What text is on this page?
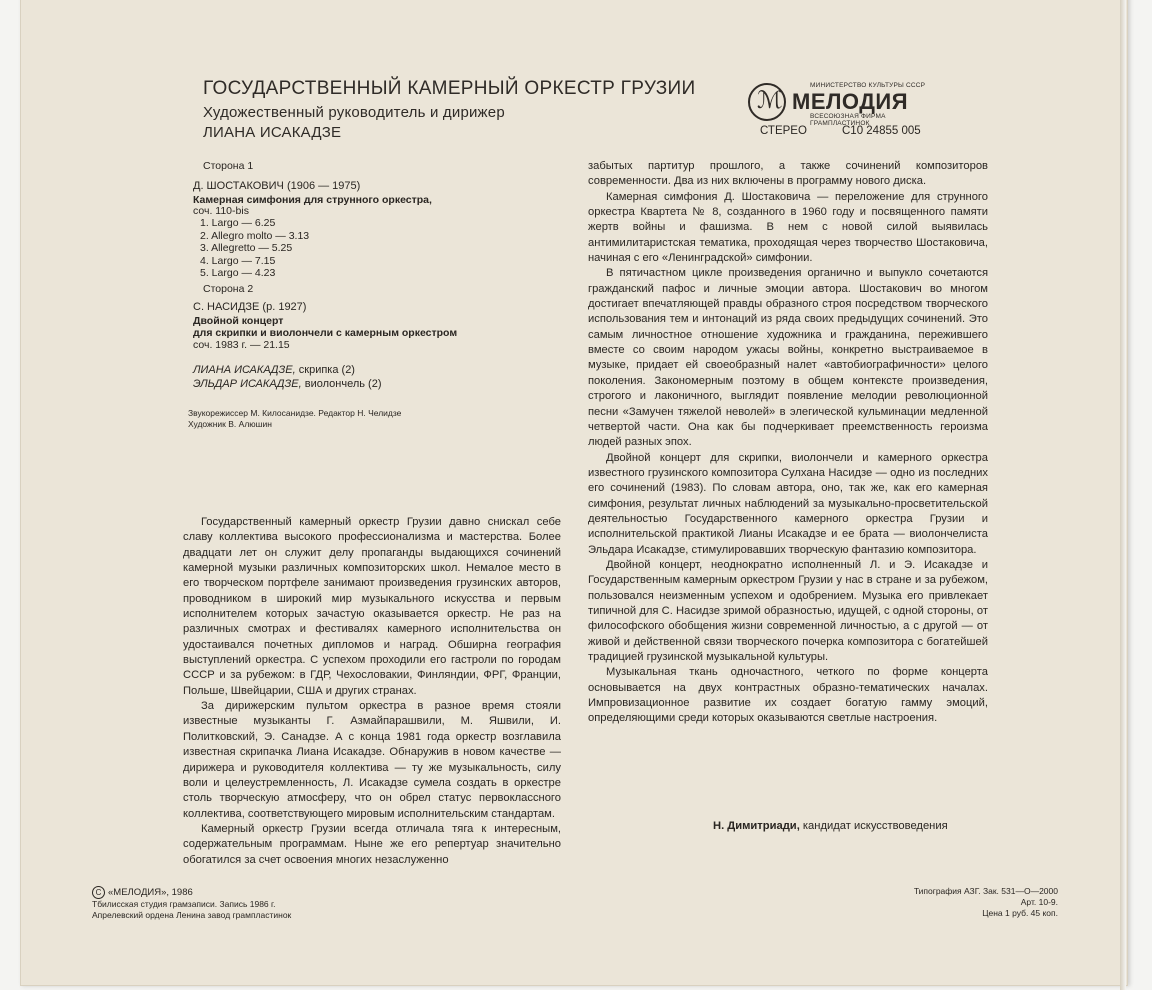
ГОСУДАРСТВЕННЫЙ КАМЕРНЫЙ ОРКЕСТР ГРУЗИИ
Художественный руководитель и дирижер
ЛИАНА ИСАКАДЗЕ
ℳ
МИНИСТЕРСТВО КУЛЬТУРЫ СССР
МЕЛОДИЯ
ВСЕСОЮЗНАЯ ФИРМА ГРАМПЛАСТИНОК
СТЕРЕО	С10 24855 005
Сторона 1
Д. ШОСТАКОВИЧ (1906 — 1975)
Камерная симфония для струнного оркестра,
соч. 110-bis
1. Largo — 6.25
2. Allegro molto — 3.13
3. Allegretto — 5.25
4. Largo — 7.15
5. Largo — 4.23
Сторона 2
С. НАСИДЗЕ (р. 1927)
Двойной концерт
для скрипки и виолончели с камерным оркестром
соч. 1983 г. — 21.15
ЛИАНА ИСАКАДЗЕ, скрипка (2)
ЭЛЬДАР ИСАКАДЗЕ, виолончель (2)
Звукорежиссер М. Килосанидзе. Редактор Н. Челидзе
Художник В. Алюшин

Государственный камерный оркестр Грузии давно снискал себе славу коллектива высокого профессионализма и мастерства. Более двадцати лет он служит делу пропаганды выдающихся сочинений камерной музыки различных композиторских школ. Немалое место в его творческом портфеле занимают произведения грузинских авторов, проводником в широкий мир музыкального искусства и первым исполнителем которых зачастую оказывается оркестр. Не раз на различных смотрах и фестивалях камерного исполнительства он удостаивался почетных дипломов и наград. Обширна география выступлений оркестра. С успехом проходили его гастроли по городам СССР и за рубежом: в ГДР, Чехословакии, Финляндии, ФРГ, Франции, Польше, Швейцарии, США и других странах.

За дирижерским пультом оркестра в разное время стояли известные музыканты Г. Азмайпарашвили, М. Яшвили, И. Политковский, Э. Санадзе. А с конца 1981 года оркестр возглавила известная скрипачка Лиана Исакадзе. Обнаружив в новом качестве — дирижера и руководителя коллектива — ту же музыкальность, силу воли и целеустремленность, Л. Исакадзе сумела создать в оркестре столь творческую атмосферу, что он обрел статус первоклассного коллектива, соответствующего мировым исполнительским стандартам.

Камерный оркестр Грузии всегда отличала тяга к интересным, содержательным программам. Ныне же его репертуар значительно обогатился за счет освоения многих незаслуженно

забытых партитур прошлого, а также сочинений композиторов современности. Два из них включены в программу нового диска.

Камерная симфония Д. Шостаковича — переложение для струнного оркестра Квартета № 8, созданного в 1960 году и посвященного памяти жертв войны и фашизма. В нем с новой силой выявилась антимилитаристская тематика, проходящая через творчество Шостаковича, начиная с его «Ленинградской» симфонии.

В пятичастном цикле произведения органично и выпукло сочетаются гражданский пафос и личные эмоции автора. Шостакович во многом достигает впечатляющей правды образного строя посредством творческого использования тем и интонаций из ряда своих предыдущих сочинений. Это самым личностное отношение художника и гражданина, пережившего вместе со своим народом ужасы войны, конкретно выстраиваемое в музыке, придает ей своеобразный налет «автобиографичности» целого поколения. Закономерным поэтому в общем контексте произведения, строгого и лаконичного, выглядит появление мелодии революционной песни «Замучен тяжелой неволей» в элегической кульминации медленной четвертой части. Она как бы подчеркивает преемственность героизма людей разных эпох.

Двойной концерт для скрипки, виолончели и камерного оркестра известного грузинского композитора Сулхана Насидзе — одно из последних его сочинений (1983). По словам автора, оно, так же, как его камерная симфония, результат личных наблюдений за музыкально-просветительской деятельностью Государственного камерного оркестра Грузии и исполнительской практикой Лианы Исакадзе и ее брата — виолончелиста Эльдара Исакадзе, стимулировавших творческую фантазию композитора.

Двойной концерт, неоднократно исполненный Л. и Э. Исакадзе и Государственным камерным оркестром Грузии у нас в стране и за рубежом, пользовался неизменным успехом и одобрением. Музыка его привлекает типичной для С. Насидзе зримой образностью, идущей, с одной стороны, от философского обобщения жизни современной личностью, а с другой — от живой и действенной связи творческого почерка композитора с богатейшей традицией грузинской музыкальной культуры.

Музыкальная ткань одночастного, четкого по форме концерта основывается на двух контрастных образно-тематических началах. Импровизационное развитие их создает богатую гамму эмоций, определяющими среди которых оказываются светлые настроения.

Н. Димитриади, кандидат искусствоведения
C «МЕЛОДИЯ», 1986
Тбилисская студия грамзаписи. Запись 1986 г.
Апрелевский ордена Ленина завод грампластинок
Типография АЗГ. Зак. 531—О—2000
Арт. 10-9.
Цена 1 руб. 45 коп.
